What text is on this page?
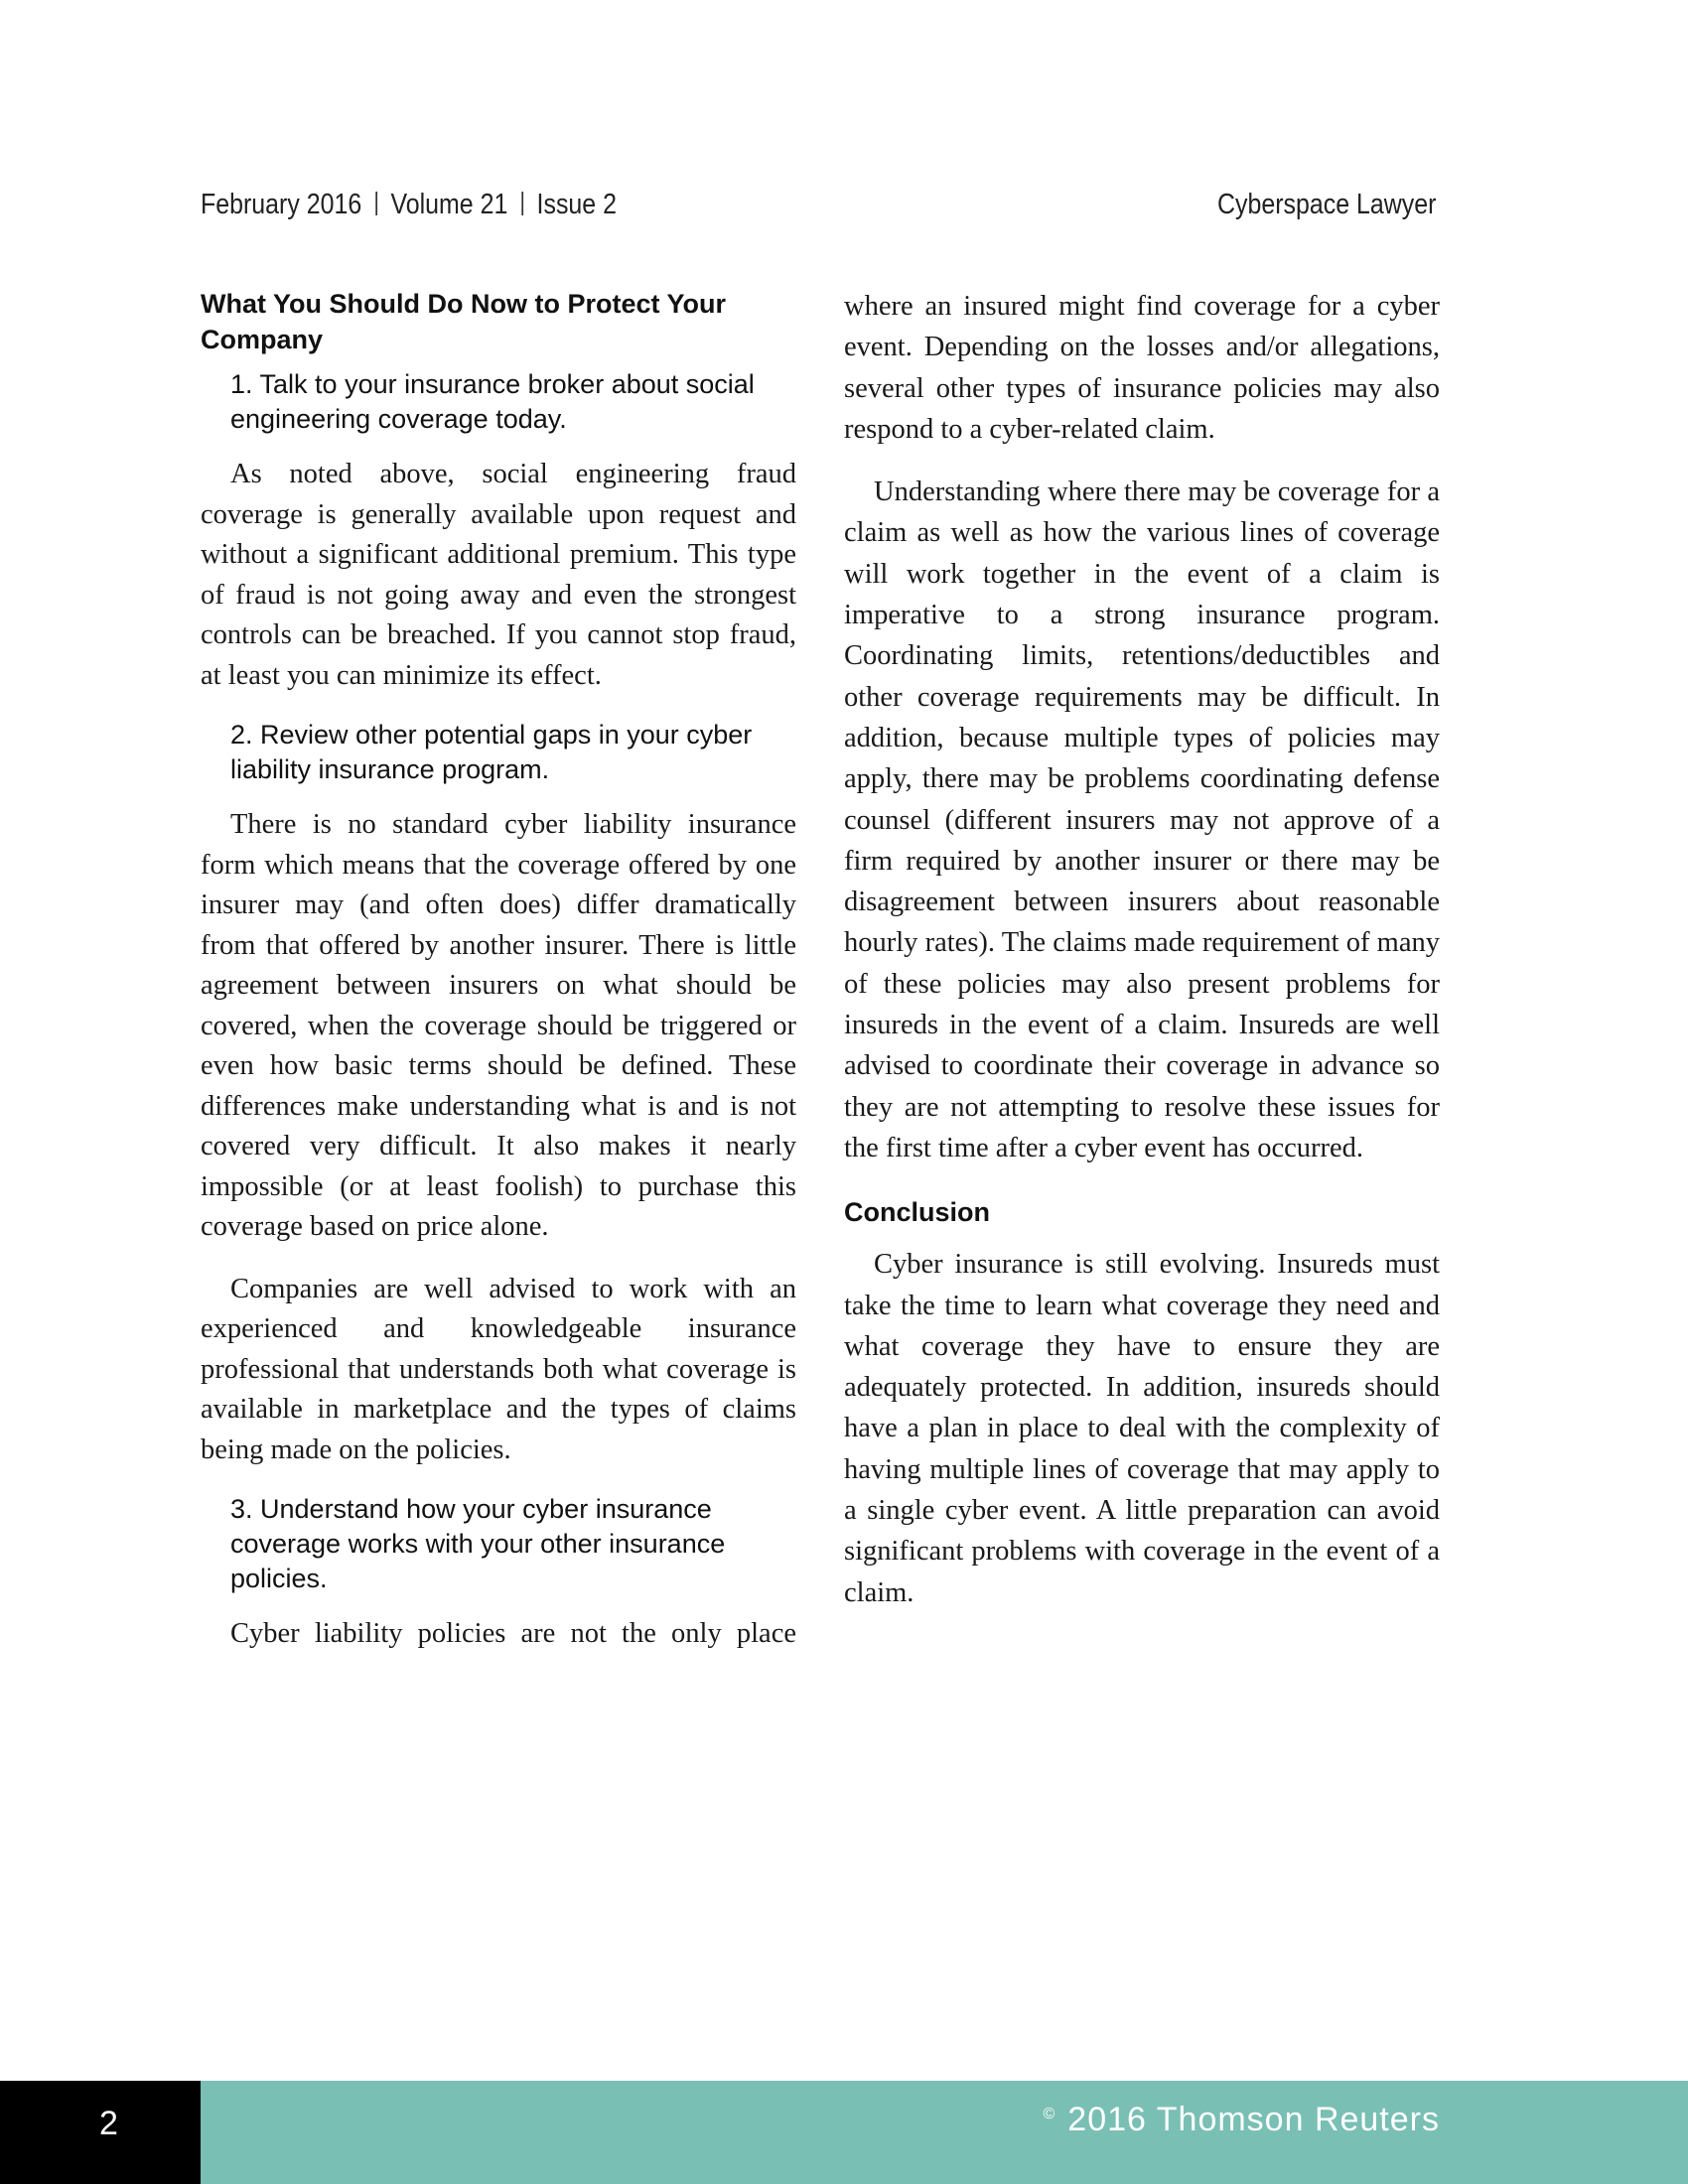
February 2016 Volume 21 Issue 2	Cyberspace Lawyer
What You Should Do Now to Protect Your Company
1. Talk to your insurance broker about social engineering coverage today.

As noted above, social engineering fraud coverage is generally available upon request and without a significant additional premium. This type of fraud is not going away and even the strongest controls can be breached. If you cannot stop fraud, at least you can minimize its effect.

2. Review other potential gaps in your cyber liability insurance program.

There is no standard cyber liability insurance form which means that the coverage offered by one insurer may (and often does) differ dramatically from that offered by another insurer. There is little agreement between insurers on what should be covered, when the coverage should be triggered or even how basic terms should be defined. These differences make understanding what is and is not covered very difficult. It also makes it nearly impossible (or at least foolish) to purchase this coverage based on price alone.

Companies are well advised to work with an experienced and knowledgeable insurance professional that understands both what coverage is available in marketplace and the types of claims being made on the policies.

3. Understand how your cyber insurance coverage works with your other insurance policies.

Cyber liability policies are not the only place

where an insured might find coverage for a cyber event. Depending on the losses and/or allegations, several other types of insurance policies may also respond to a cyber-related claim.

Understanding where there may be coverage for a claim as well as how the various lines of coverage will work together in the event of a claim is imperative to a strong insurance program. Coordinating limits, retentions/deductibles and other coverage requirements may be difficult. In addition, because multiple types of policies may apply, there may be problems coordinating defense counsel (different insurers may not approve of a firm required by another insurer or there may be disagreement between insurers about reasonable hourly rates). The claims made requirement of many of these policies may also present problems for insureds in the event of a claim. Insureds are well advised to coordinate their coverage in advance so they are not attempting to resolve these issues for the first time after a cyber event has occurred.

Conclusion

Cyber insurance is still evolving. Insureds must take the time to learn what coverage they need and what coverage they have to ensure they are adequately protected. In addition, insureds should have a plan in place to deal with the complexity of having multiple lines of coverage that may apply to a single cyber event. A little preparation can avoid significant problems with coverage in the event of a claim.

2	© 2016 Thomson Reuters
